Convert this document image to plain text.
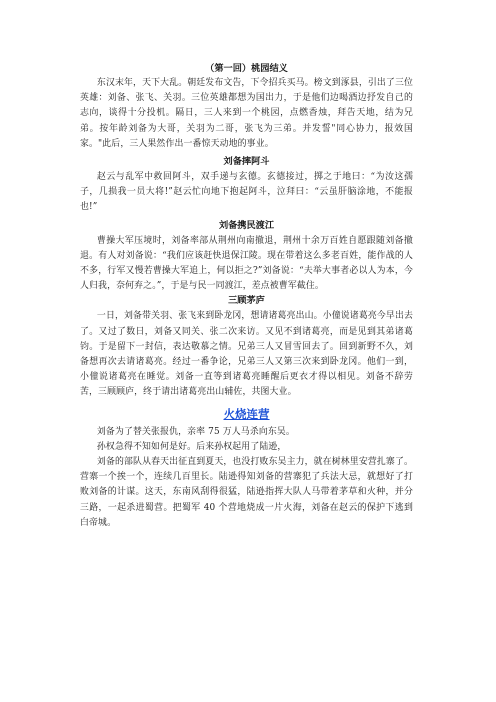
（第一回）桃园结义

东汉末年，天下大乱。朝廷发布文告，下令招兵买马。榜文到涿县，引出了三位英雄：刘备、张飞、关羽。三位英雄都想为国出力，于是他们边喝酒边抒发自己的志向，谈得十分投机。隔日，三人来到一个桃园，点燃香烛，拜告天地，结为兄弟。按年龄刘备为大哥，关羽为二哥，张飞为三弟。并发誓"同心协力，报效国家。"此后，三人果然作出一番惊天动地的事业。

刘备摔阿斗

赵云与乱军中救回阿斗，双手递与玄德。玄德接过，掷之于地曰：“为汝这孺子，几损我一员大将!”赵云忙向地下抱起阿斗，泣拜曰：“云虽肝脑涂地，不能报也!”

刘备携民渡江

曹操大军压境时，刘备率部从荆州向南撤退，荆州十余万百姓自愿跟随刘备撤退。有人对刘备说：“我们应该赶快退保江陵。现在带着这么多老百姓，能作战的人不多，行军又慢若曹操大军追上，何以拒之?”刘备说：“夫举大事者必以人为本，今人归我，奈何弃之。”，于是与民一同渡江，差点被曹军截住。

三顾茅庐

一日，刘备带关羽、张飞来到卧龙冈，想请诸葛亮出山。小僮说诸葛亮今早出去了。又过了数日，刘备又同关、张二次来访。又见不到诸葛亮，而是见到其弟诸葛钧。于是留下一封信，表达敬慕之情。兄弟三人又冒雪回去了。回到新野不久，刘备想再次去请诸葛亮。经过一番争论，兄弟三人又第三次来到卧龙冈。他们一到，小僮说诸葛亮在睡觉。刘备一直等到诸葛亮睡醒后更衣才得以相见。刘备不辞劳苦，三顾顾庐，终于请出诸葛亮出山辅佐，共图大业。

火烧连营

刘备为了替关张报仇，亲率 75 万人马杀向东吴。

孙权急得不知如何是好。后来孙权起用了陆逊，

刘备的部队从春天出征直到夏天，也没打败东吴主力，就在树林里安营扎寨了。营寨一个挨一个，连续几百里长。陆逊得知刘备的营寨犯了兵法大忌，就想好了打败刘备的计谋。这天，东南风刮得很猛，陆逊指挥大队人马带着茅草和火种，并分三路，一起杀进蜀营。把蜀军 40 个营地烧成一片火海，刘备在赵云的保护下逃到白帝城。
